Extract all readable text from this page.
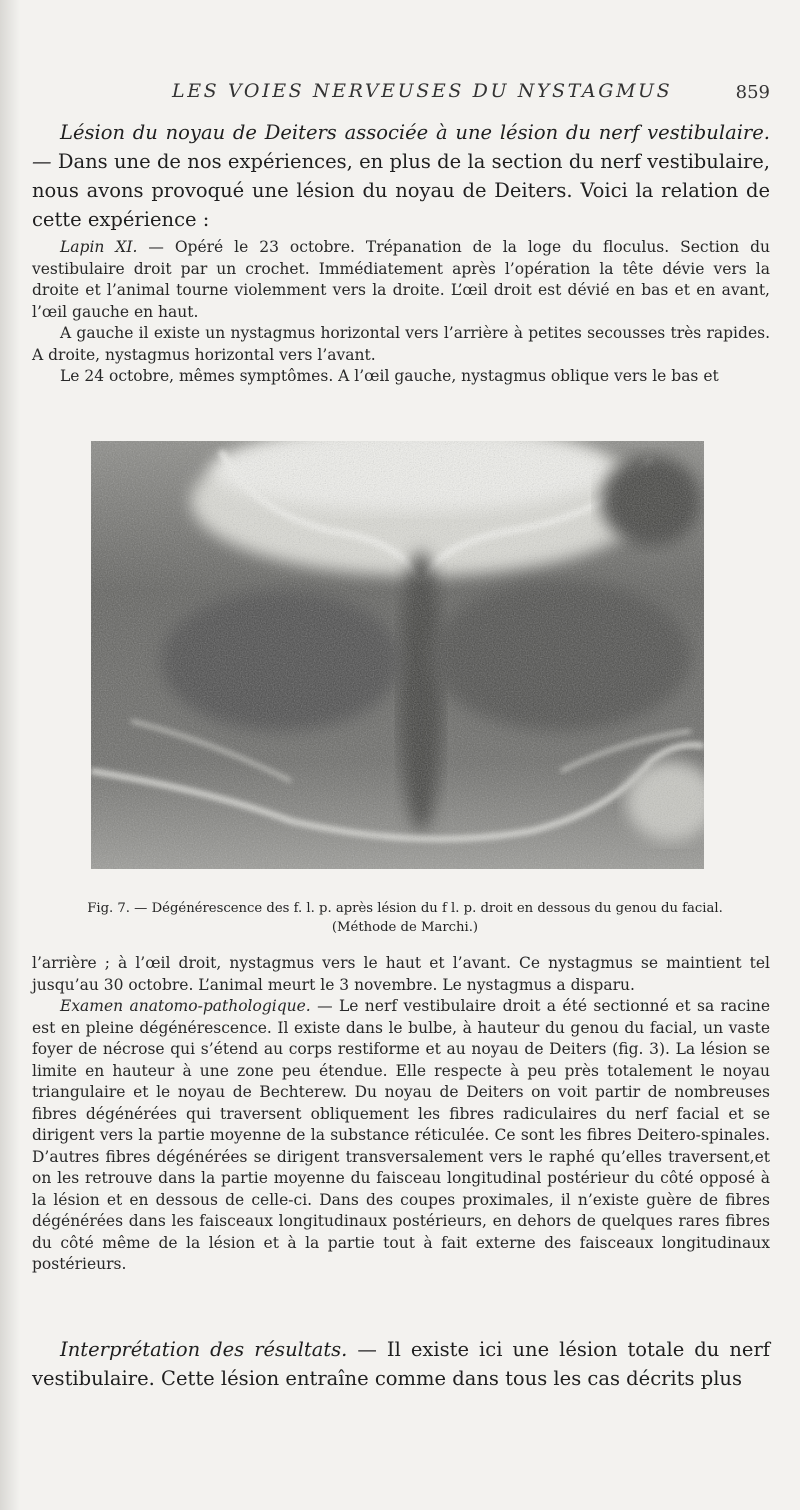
LES VOIES NERVEUSES DU NYSTAGMUS	859

Lésion du noyau de Deiters associée à une lésion du nerf vestibulaire. — Dans une de nos expériences, en plus de la section du nerf vestibulaire, nous avons provoqué une lésion du noyau de Deiters. Voici la relation de cette expérience :

Lapin XI. — Opéré le 23 octobre. Trépanation de la loge du floculus. Section du vestibulaire droit par un crochet. Immédiatement après l’opération la tête dévie vers la droite et l’animal tourne violemment vers la droite. L’œil droit est dévié en bas et en avant, l’œil gauche en haut.

A gauche il existe un nystagmus horizontal vers l’arrière à petites secousses très rapides. A droite, nystagmus horizontal vers l’avant.

Le 24 octobre, mêmes symptômes. A l’œil gauche, nystagmus oblique vers le bas et

Fig. 7. — Dégénérescence des f. l. p. après lésion du f l. p. droit en dessous du genou du facial.
(Méthode de Marchi.)

l’arrière ; à l’œil droit, nystagmus vers le haut et l’avant. Ce nystagmus se maintient tel jusqu’au 30 octobre. L’animal meurt le 3 novembre. Le nystagmus a disparu.

Examen anatomo-pathologique. — Le nerf vestibulaire droit a été sectionné et sa racine est en pleine dégénérescence. Il existe dans le bulbe, à hauteur du genou du facial, un vaste foyer de nécrose qui s’étend au corps restiforme et au noyau de Deiters (fig. 3). La lésion se limite en hauteur à une zone peu étendue. Elle respecte à peu près totalement le noyau triangulaire et le noyau de Bechterew. Du noyau de Deiters on voit partir de nombreuses fibres dégénérées qui traversent obliquement les fibres radiculaires du nerf facial et se dirigent vers la partie moyenne de la substance réticulée. Ce sont les fibres Deitero-spinales. D’autres fibres dégénérées se dirigent transversalement vers le raphé qu’elles traversent,et on les retrouve dans la partie moyenne du faisceau longitudinal postérieur du côté opposé à la lésion et en dessous de celle-ci. Dans des coupes proximales, il n’existe guère de fibres dégénérées dans les faisceaux longitudinaux postérieurs, en dehors de quelques rares fibres du côté même de la lésion et à la partie tout à fait externe des faisceaux longitudinaux postérieurs.

Interprétation des résultats. — Il existe ici une lésion totale du nerf vestibulaire. Cette lésion entraîne comme dans tous les cas décrits plus
